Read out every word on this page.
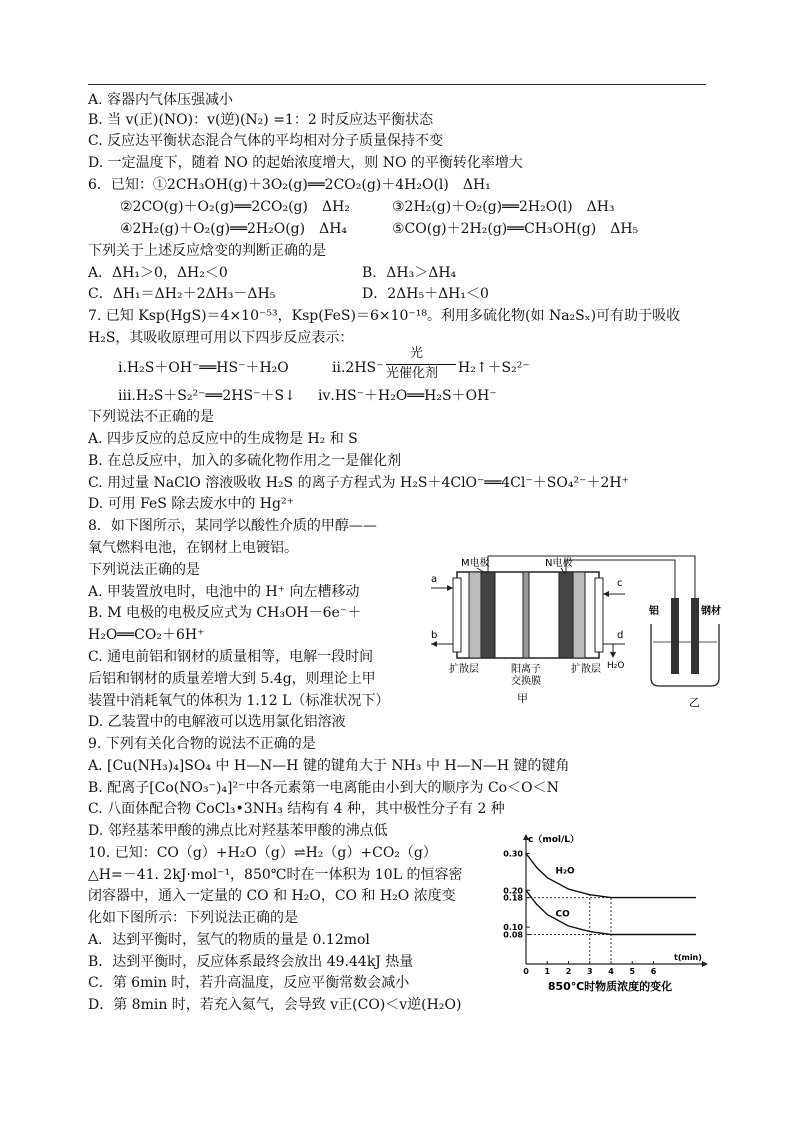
A. 容器内气体压强减小
B. 当 v(正)(NO)：v(逆)(N₂) =1：2 时反应达平衡状态
C. 反应达平衡状态混合气体的平均相对分子质量保持不变
D. 一定温度下，随着 NO 的起始浓度增大，则 NO 的平衡转化率增大
6．已知：①2CH₃OH(g)＋3O₂(g)══2CO₂(g)＋4H₂O(l)　ΔH₁
②2CO(g)＋O₂(g)══2CO₂(g)　ΔH₂	③2H₂(g)＋O₂(g)══2H₂O(l)　ΔH₃
④2H₂(g)＋O₂(g)══2H₂O(g)　ΔH₄	⑤CO(g)＋2H₂(g)══CH₃OH(g)　ΔH₅
下列关于上述反应焓变的判断正确的是
A．ΔH₁＞0，ΔH₂＜0	B．ΔH₃＞ΔH₄
C．ΔH₁＝ΔH₂＋2ΔH₃－ΔH₅	D．2ΔH₅＋ΔH₁＜0
7. 已知 Ksp(HgS)＝4×10⁻⁵³，Ksp(FeS)＝6×10⁻¹⁸。利用多硫化物(如 Na₂Sₓ)可有助于吸收
H₂S，其吸收原理可用以下四步反应表示：
ⅰ.H₂S＋OH⁻══HS⁻＋H₂O	ⅱ.2HS⁻
光
光催化剂 H₂↑＋S₂²⁻
ⅲ.H₂S＋S₂²⁻══2HS⁻＋S↓ ⅳ.HS⁻＋H₂O══H₂S＋OH⁻
下列说法不正确的是
A. 四步反应的总反应中的生成物是 H₂ 和 S
B. 在总反应中，加入的多硫化物作用之一是催化剂
C. 用过量 NaClO 溶液吸收 H₂S 的离子方程式为 H₂S＋4ClO⁻══4Cl⁻＋SO₄²⁻＋2H⁺
D. 可用 FeS 除去废水中的 Hg²⁺
8．如下图所示，某同学以酸性介质的甲醇——
氧气燃料电池，在钢材上电镀铝。
下列说法正确的是
A. 甲装置放电时，电池中的 H⁺ 向左槽移动
B. M 电极的电极反应式为 CH₃OH－6e⁻＋
H₂O══CO₂＋6H⁺
C. 通电前铝和钢材的质量相等，电解一段时间
后铝和钢材的质量差增大到 5.4g，则理论上甲
装置中消耗氧气的体积为 1.12 L（标准状况下）
D. 乙装置中的电解液可以选用氯化铝溶液
M电极	N电极
a
b
c
d
H₂O
扩散层	阳离子
交换膜
扩散层
甲
铝	钢材
乙
9. 下列有关化合物的说法不正确的是
A. [Cu(NH₃)₄]SO₄ 中 H—N—H 键的键角大于 NH₃ 中 H—N—H 键的键角
B. 配离子[Co(NO₃⁻)₄]²⁻中各元素第一电离能由小到大的顺序为 Co＜O＜N
C. 八面体配合物 CoCl₃•3NH₃ 结构有 4 种，其中极性分子有 2 种
D. 邻羟基苯甲酸的沸点比对羟基苯甲酸的沸点低
10. 已知：CO（g）+H₂O（g）⇌H₂（g）+CO₂（g）
△H=－41. 2kJ·mol⁻¹，850℃时在一体积为 10L 的恒容密
闭容器中，通入一定量的 CO 和 H₂O，CO 和 H₂O 浓度变
化如下图所示：下列说法正确的是
A．达到平衡时，氢气的物质的量是 0.12mol
B．达到平衡时，反应体系最终会放出 49.44kJ 热量
C．第 6min 时，若升高温度，反应平衡常数会减小
D．第 8min 时，若充入氦气，会导致 v正(CO)＜v逆(H₂O)
0.30
0.20
0.18
0.10
0.08
0 1 2 3 4 5 6
H₂O
CO
c（mol/L）
t(min)
850℃时物质浓度的变化
